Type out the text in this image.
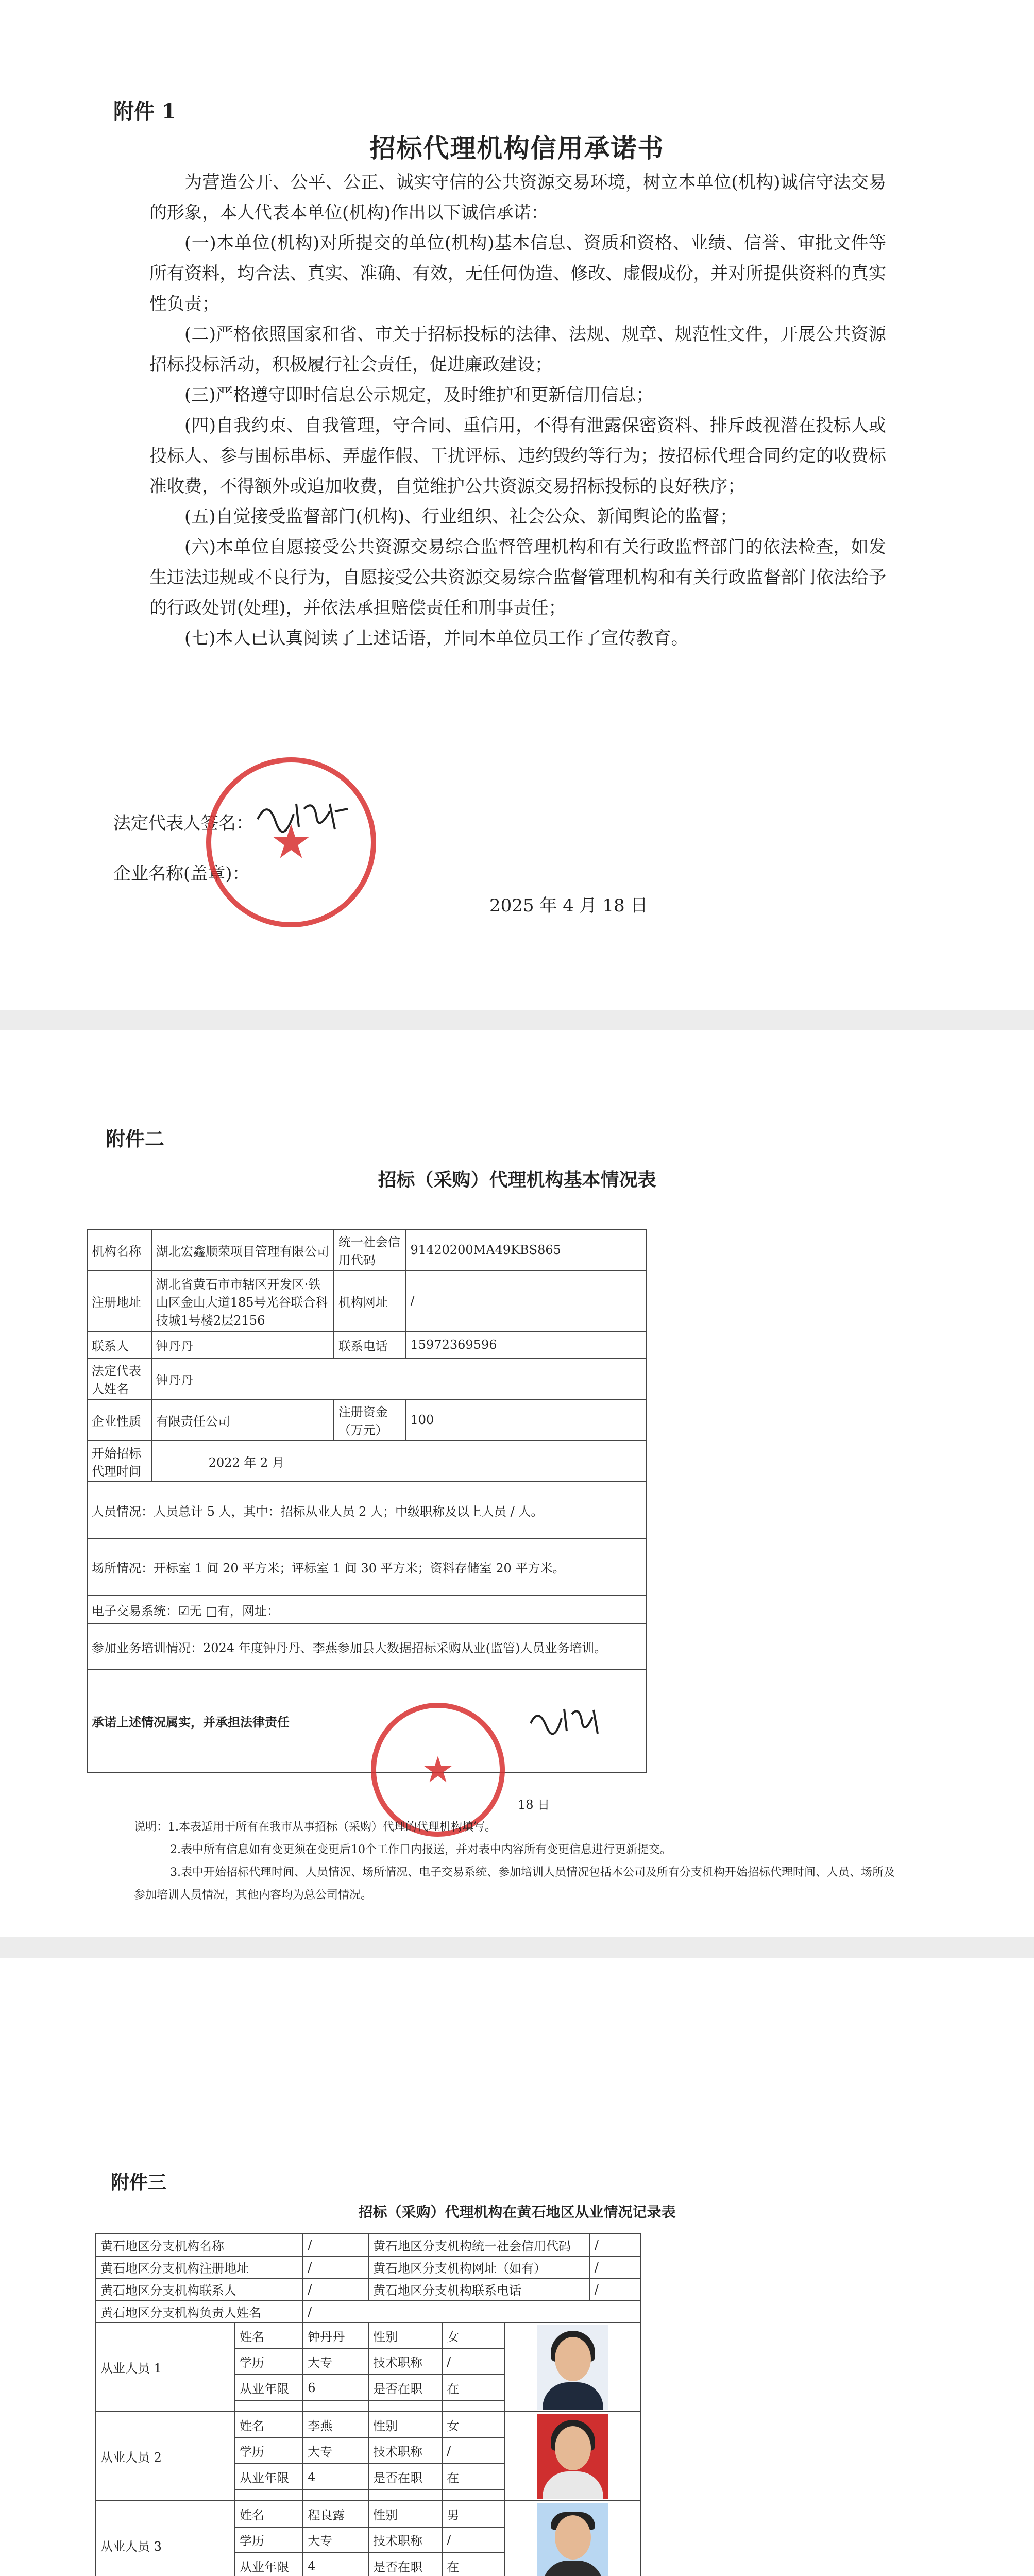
附件 1
招标代理机构信用承诺书

为营造公开、公平、公正、诚实守信的公共资源交易环境，树立本单位(机构)诚信守法交易的形象，本人代表本单位(机构)作出以下诚信承诺：

(一)本单位(机构)对所提交的单位(机构)基本信息、资质和资格、业绩、信誉、审批文件等所有资料，均合法、真实、准确、有效，无任何伪造、修改、虚假成份，并对所提供资料的真实性负责；

(二)严格依照国家和省、市关于招标投标的法律、法规、规章、规范性文件，开展公共资源招标投标活动，积极履行社会责任，促进廉政建设；

(三)严格遵守即时信息公示规定，及时维护和更新信用信息；

(四)自我约束、自我管理，守合同、重信用，不得有泄露保密资料、排斥歧视潜在投标人或投标人、参与围标串标、弄虚作假、干扰评标、违约毁约等行为；按招标代理合同约定的收费标准收费，不得额外或追加收费，自觉维护公共资源交易招标投标的良好秩序；

(五)自觉接受监督部门(机构)、行业组织、社会公众、新闻舆论的监督；

(六)本单位自愿接受公共资源交易综合监督管理机构和有关行政监督部门的依法检查，如发生违法违规或不良行为，自愿接受公共资源交易综合监督管理机构和有关行政监督部门依法给予的行政处罚(处理)，并依法承担赔偿责任和刑事责任；

(七)本人已认真阅读了上述话语，并同本单位员工作了宣传教育。

法定代表人签名：
企业名称(盖章)：
★
2025 年 4 月 18 日
附件二
招标（采购）代理机构基本情况表
机构名称	湖北宏鑫顺荣项目管理有限公司	统一社会信用代码	91420200MA49KBS865
注册地址	湖北省黄石市市辖区开发区·铁山区金山大道185号光谷联合科技城1号楼2层2156	机构网址	/
联系人	钟丹丹	联系电话	15972369596
法定代表人姓名	钟丹丹		
企业性质	有限责任公司	注册资金（万元）	100
开始招标代理时间	2022 年 2 月		
人员情况：人员总计 5 人，其中：招标从业人员 2 人；中级职称及以上人员 / 人。			
场所情况：开标室 1 间 20 平方米；评标室 1 间 30 平方米；资料存储室 20 平方米。			
电子交易系统：☑无 □有，网址：			
参加业务培训情况：2024 年度钟丹丹、李燕参加县大数据招标采购从业(监管)人员业务培训。			
承诺上述情况属实，并承担法律责任			
★
18 日

说明：1.本表适用于所有在我市从事招标（采购）代理的代理机构填写。

2.表中所有信息如有变更须在变更后10个工作日内报送，并对表中内容所有变更信息进行更新提交。

3.表中开始招标代理时间、人员情况、场所情况、电子交易系统、参加培训人员情况包括本公司及所有分支机构开始招标代理时间、人员、场所及参加培训人员情况，其他内容均为总公司情况。

附件三
招标（采购）代理机构在黄石地区从业情况记录表
黄石地区分支机构名称		/	黄石地区分支机构统一社会信用代码			/
黄石地区分支机构注册地址		/	黄石地区分支机构网址（如有）			/
黄石地区分支机构联系人		/	黄石地区分支机构联系电话			/
黄石地区分支机构负责人姓名		/				
从业人员 1	姓名	钟丹丹	性别	女		

	学历	大专	技术职称	/		
	从业年限	6	是否在职	在		

从业人员 2	姓名	李燕	性别	女		

	学历	大专	技术职称	/		
	从业年限	4	是否在职	在		

从业人员 3	姓名	程良露	性别	男		

	学历	大专	技术职称	/		
	从业年限	4	是否在职	在		
